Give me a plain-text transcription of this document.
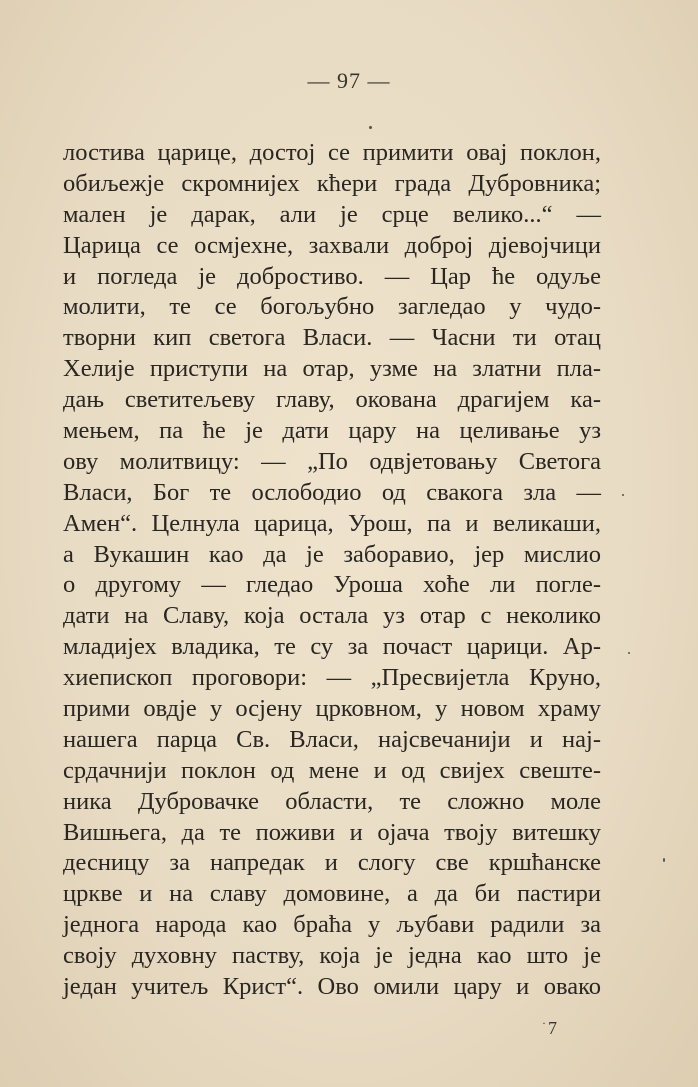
— 97 —
лостива царице, достој се примити овај поклон,
обиљежје скромнијех кћери града Дубровника;
мален је дарак, али је срце велико...“ —
Царица се осмјехне, захвали доброј дјевојчици
и погледа је добростиво. — Цар ће одуље
молити, те се богољубно загледао у чудо-
творни кип светога Власи. — Часни ти отац
Хелије приступи на отар, узме на златни пла-
дањ светитељеву главу, окована драгијем ка-
мењем, па ће је дати цару на целивање уз
ову молитвицу: — „По одвјетовању Светога
Власи, Бог те ослободио од свакога зла —
Амен“. Целнула царица, Урош, па и великаши,
а Вукашин као да је заборавио, јер мислио
о другому — гледао Уроша хоће ли погле-
дати на Славу, која остала уз отар с неколико
младијех владика, те су за почаст царици. Ар-
хиепископ проговори: — „Пресвијетла Круно,
прими овдје у осјену црковном, у новом храму
нашега парца Св. Власи, најсвечанији и нај-
срдачнији поклон од мене и од свијех свеште-
ника Дубровачке области, те сложно моле
Вишњега, да те поживи и ојача твоју витешку
десницу за напредак и слогу све кршћанске
цркве и на славу домовине, а да би пастири
једнога народа као браћа у љубави радили за
своју духовну паству, која је једна као што је
један учитељ Крист“. Ово омили цару и овако
· 7
